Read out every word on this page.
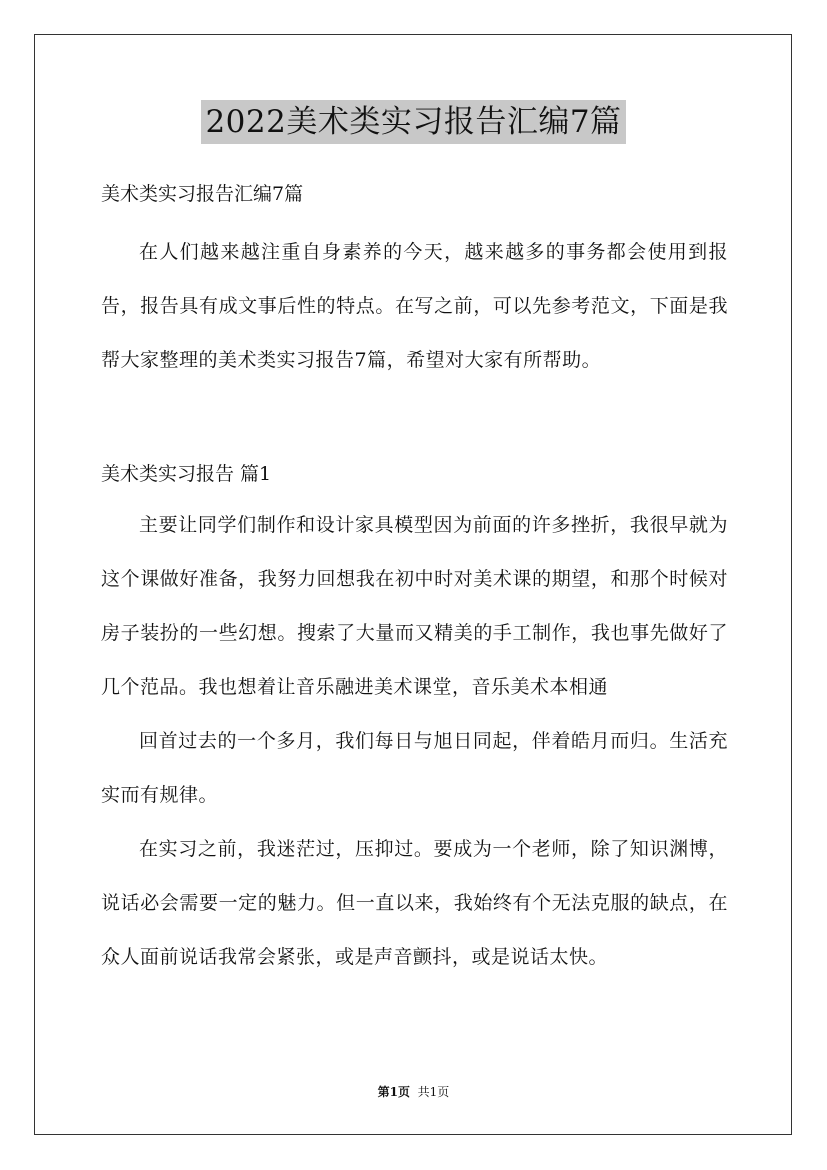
2022美术类实习报告汇编7篇
美术类实习报告汇编7篇

在人们越来越注重自身素养的今天，越来越多的事务都会使用到报告，报告具有成文事后性的特点。在写之前，可以先参考范文，下面是我帮大家整理的美术类实习报告7篇，希望对大家有所帮助。

美术类实习报告 篇1

主要让同学们制作和设计家具模型因为前面的许多挫折，我很早就为这个课做好准备，我努力回想我在初中时对美术课的期望，和那个时候对房子装扮的一些幻想。搜索了大量而又精美的手工制作，我也事先做好了几个范品。我也想着让音乐融进美术课堂，音乐美术本相通

回首过去的一个多月，我们每日与旭日同起，伴着皓月而归。生活充实而有规律。

在实习之前，我迷茫过，压抑过。要成为一个老师，除了知识渊博，说话必会需要一定的魅力。但一直以来，我始终有个无法克服的缺点，在众人面前说话我常会紧张，或是声音颤抖，或是说话太快。

第1页 共1页
